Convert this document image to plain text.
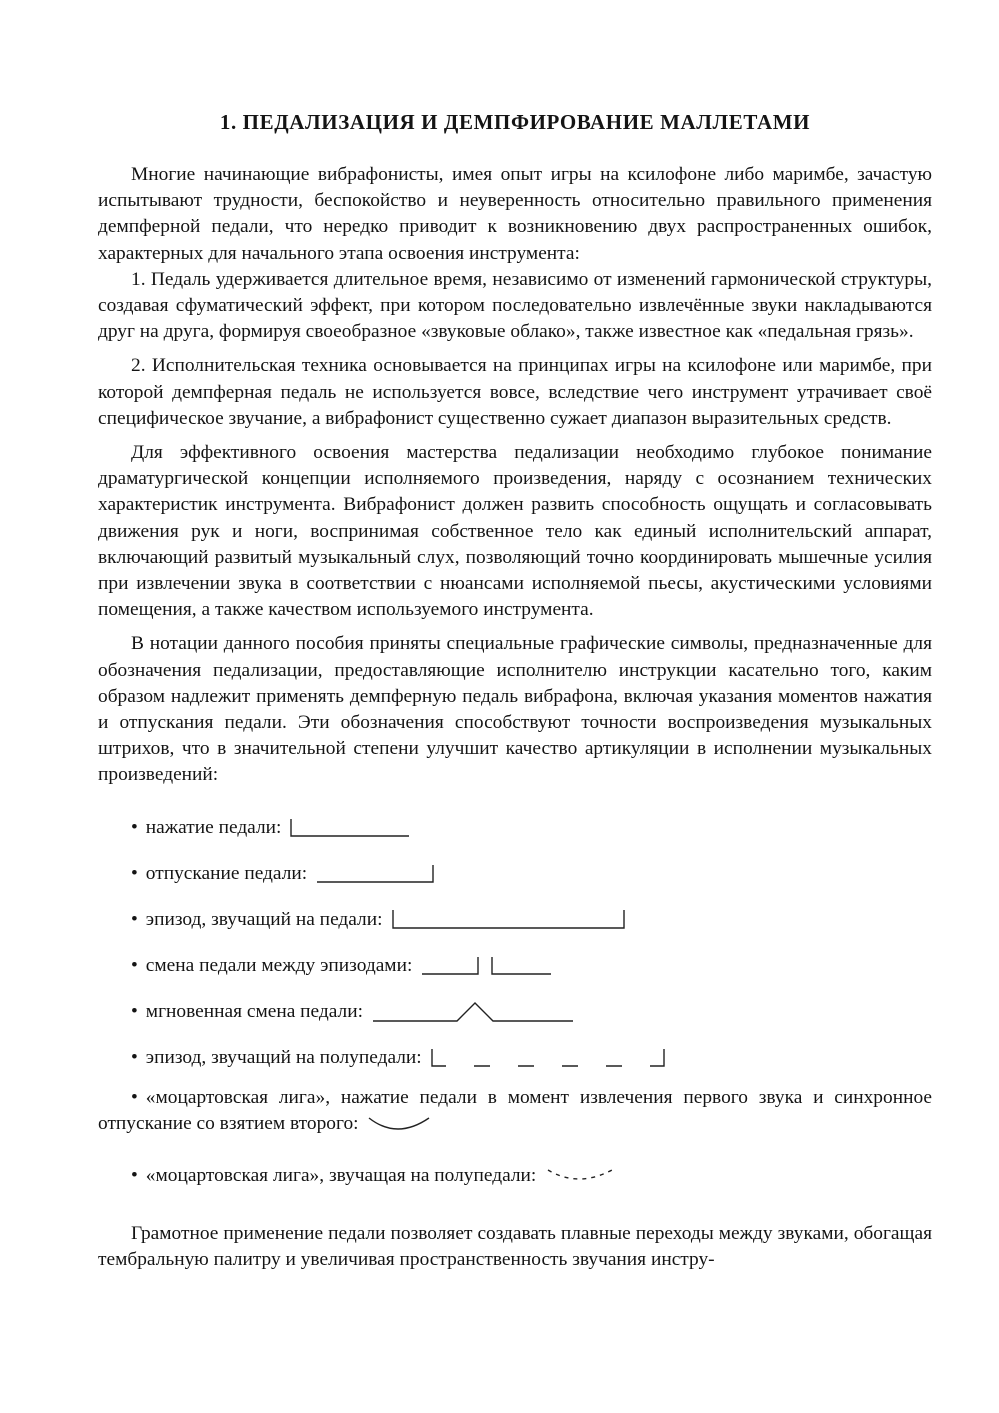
1. ПЕДАЛИЗАЦИЯ И ДЕМПФИРОВАНИЕ МАЛЛЕТАМИ

Многие начинающие вибрафонисты, имея опыт игры на ксилофоне либо маримбе, зачастую испытывают трудности, беспокойство и неуверенность относительно правильного применения демпферной педали, что нередко приводит к возникновению двух распространенных ошибок, характерных для начального этапа освоения инструмента:

1. Педаль удерживается длительное время, независимо от изменений гармонической структуры, создавая сфуматический эффект, при котором последовательно извлечённые звуки накладываются друг на друга, формируя своеобразное «звуковые облако», также известное как «педальная грязь».

2. Исполнительская техника основывается на принципах игры на ксилофоне или маримбе, при которой демпферная педаль не используется вовсе, вследствие чего инструмент утрачивает своё специфическое звучание, а вибрафонист существенно сужает диапазон выразительных средств.

Для эффективного освоения мастерства педализации необходимо глубокое понимание драматургической концепции исполняемого произведения, наряду с осознанием технических характеристик инструмента. Вибрафонист должен развить способность ощущать и согласовывать движения рук и ноги, воспринимая собственное тело как единый исполнительский аппарат, включающий развитый музыкальный слух, позволяющий точно координировать мышечные усилия при извлечении звука в соответствии с нюансами исполняемой пьесы, акустическими условиями помещения, а также качеством используемого инструмента.

В нотации данного пособия приняты специальные графические символы, предназначенные для обозначения педализации, предоставляющие исполнителю инструкции касательно того, каким образом надлежит применять демпферную педаль вибрафона, включая указания моментов нажатия и отпускания педали. Эти обозначения способствуют точности воспроизведения музыкальных штрихов, что в значительной степени улучшит качество артикуляции в исполнении музыкальных произведений:

• нажатие педали:
• отпускание педали:
• эпизод, звучащий на педали:
• смена педали между эпизодами:
• мгновенная смена педали:
• эпизод, звучащий на полупедали:
• «моцартовская лига», нажатие педали в момент извлечения первого звука и синхронное отпускание со взятием второго:
• «моцартовская лига», звучащая на полупедали:

Грамотное применение педали позволяет создавать плавные переходы между звуками, обогащая тембральную палитру и увеличивая пространственность звучания инстру-
